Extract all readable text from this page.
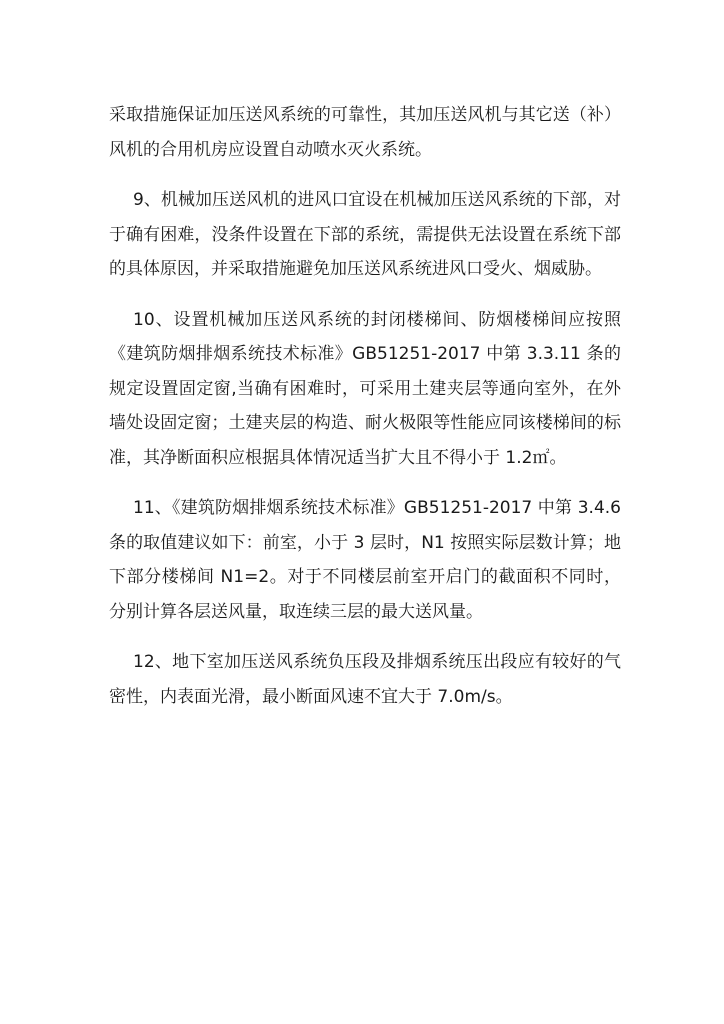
采取措施保证加压送风系统的可靠性，其加压送风机与其它送（补）风机的合用机房应设置自动喷水灭火系统。

9、机械加压送风机的进风口宜设在机械加压送风系统的下部，对于确有困难，没条件设置在下部的系统，需提供无法设置在系统下部的具体原因，并采取措施避免加压送风系统进风口受火、烟威胁。

10、设置机械加压送风系统的封闭楼梯间、防烟楼梯间应按照《建筑防烟排烟系统技术标准》GB51251-2017 中第 3.3.11 条的规定设置固定窗,当确有困难时，可采用土建夹层等通向室外，在外墙处设固定窗；土建夹层的构造、耐火极限等性能应同该楼梯间的标准，其净断面积应根据具体情况适当扩大且不得小于 1.2㎡。

11、《建筑防烟排烟系统技术标准》GB51251-2017 中第 3.4.6 条的取值建议如下：前室，小于 3 层时，N1 按照实际层数计算；地下部分楼梯间 N1=2。对于不同楼层前室开启门的截面积不同时，分别计算各层送风量，取连续三层的最大送风量。

12、地下室加压送风系统负压段及排烟系统压出段应有较好的气密性，内表面光滑，最小断面风速不宜大于 7.0m/s。
